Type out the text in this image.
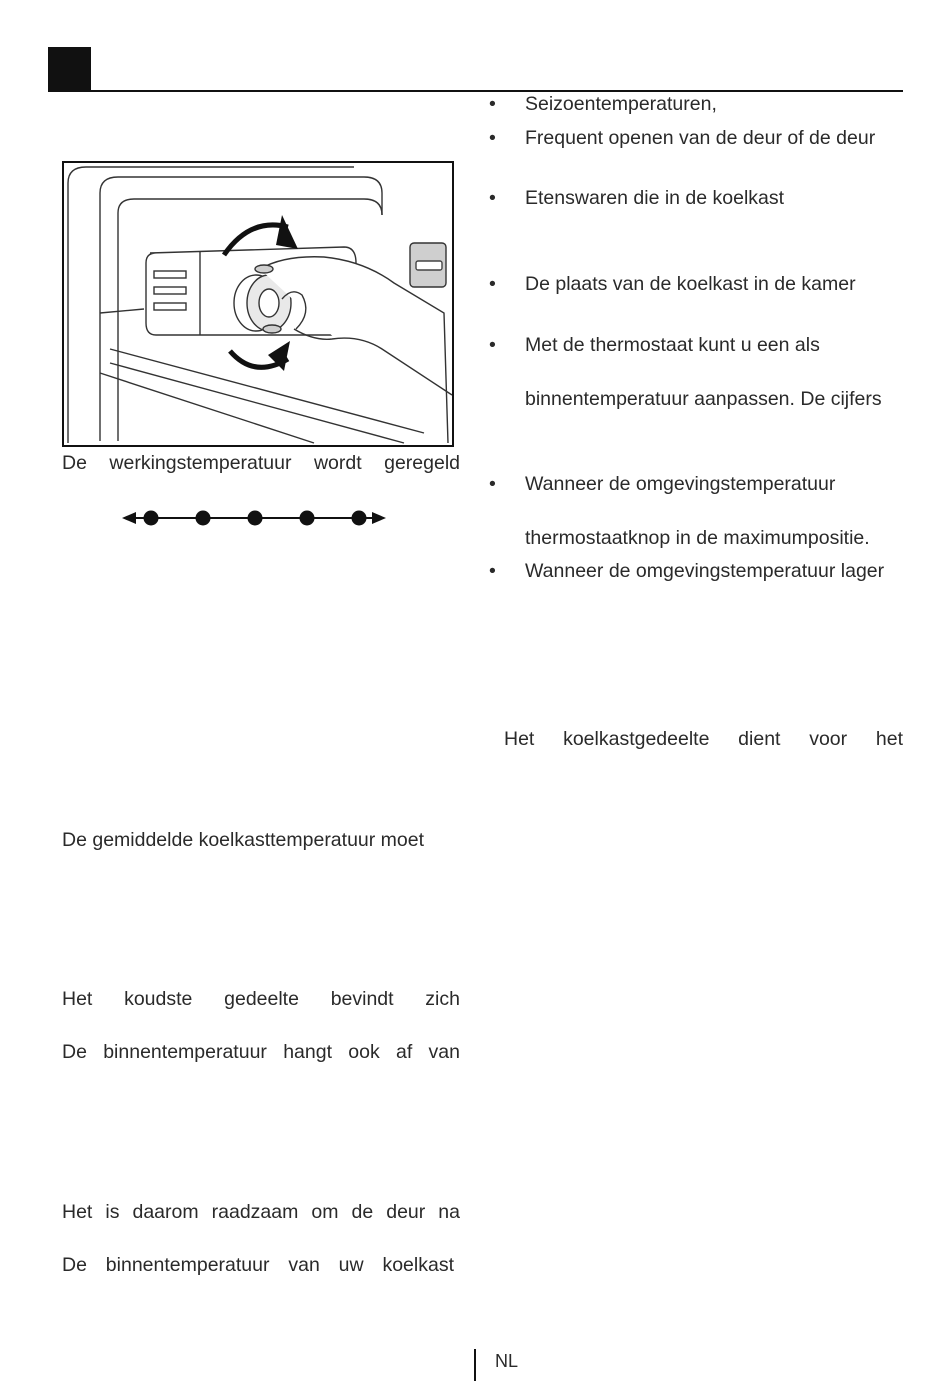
De werkingstemperatuur wordt geregeld

De gemiddelde koelkasttemperatuur moet

Het koudste gedeelte bevindt zich

De binnentemperatuur hangt ook af van

Het is daarom raadzaam om de deur na

De binnentemperatuur van uw koelkast

• Seizoentemperaturen,
• Frequent openen van de deur of de deur
• Etenswaren die in de koelkast
• De plaats van de koelkast in de kamer
• Met de thermostaat kunt u een als
binnentemperatuur aanpassen. De cijfers
• Wanneer de omgevingstemperatuur
thermostaatknop in de maximumpositie.
• Wanneer de omgevingstemperatuur lager

Het koelkastgedeelte dient voor het

NL
